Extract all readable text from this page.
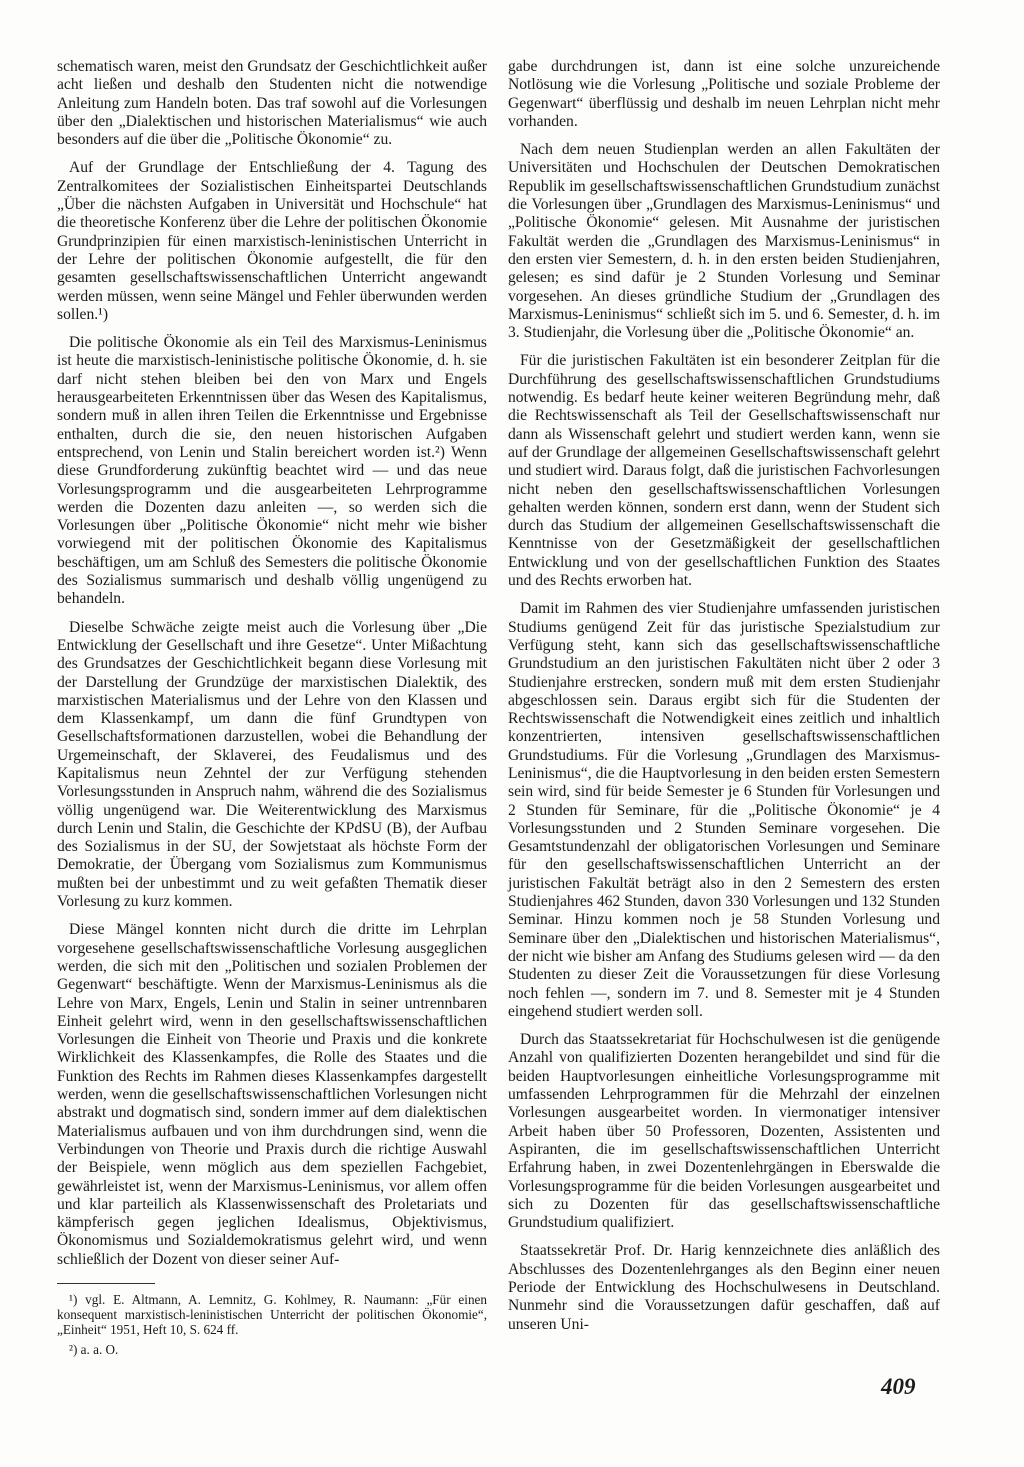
schematisch waren, meist den Grundsatz der Geschichtlichkeit außer acht ließen und deshalb den Studenten nicht die notwendige Anleitung zum Handeln boten. Das traf sowohl auf die Vorlesungen über den „Dialektischen und historischen Materialismus“ wie auch besonders auf die über die „Politische Ökonomie“ zu.

Auf der Grundlage der Entschließung der 4. Tagung des Zentralkomitees der Sozialistischen Einheitspartei Deutschlands „Über die nächsten Aufgaben in Universität und Hochschule“ hat die theoretische Konferenz über die Lehre der politischen Ökonomie Grundprinzipien für einen marxistisch-leninistischen Unterricht in der Lehre der politischen Ökonomie aufgestellt, die für den gesamten gesellschaftswissenschaftlichen Unterricht angewandt werden müssen, wenn seine Mängel und Fehler überwunden werden sollen.¹)

Die politische Ökonomie als ein Teil des Marxismus-Leninismus ist heute die marxistisch-leninistische politische Ökonomie, d. h. sie darf nicht stehen bleiben bei den von Marx und Engels herausgearbeiteten Erkenntnissen über das Wesen des Kapitalismus, sondern muß in allen ihren Teilen die Erkenntnisse und Ergebnisse enthalten, durch die sie, den neuen historischen Aufgaben entsprechend, von Lenin und Stalin bereichert worden ist.²) Wenn diese Grundforderung zukünftig beachtet wird — und das neue Vorlesungsprogramm und die ausgearbeiteten Lehrprogramme werden die Dozenten dazu anleiten —, so werden sich die Vorlesungen über „Politische Ökonomie“ nicht mehr wie bisher vorwiegend mit der politischen Ökonomie des Kapitalismus beschäftigen, um am Schluß des Semesters die politische Ökonomie des Sozialismus summarisch und deshalb völlig ungenügend zu behandeln.

Dieselbe Schwäche zeigte meist auch die Vorlesung über „Die Entwicklung der Gesellschaft und ihre Gesetze“. Unter Mißachtung des Grundsatzes der Geschichtlichkeit begann diese Vorlesung mit der Darstellung der Grundzüge der marxistischen Dialektik, des marxistischen Materialismus und der Lehre von den Klassen und dem Klassenkampf, um dann die fünf Grundtypen von Gesellschaftsformationen darzustellen, wobei die Behandlung der Urgemeinschaft, der Sklaverei, des Feudalismus und des Kapitalismus neun Zehntel der zur Verfügung stehenden Vorlesungsstunden in Anspruch nahm, während die des Sozialismus völlig ungenügend war. Die Weiterentwicklung des Marxismus durch Lenin und Stalin, die Geschichte der KPdSU (B), der Aufbau des Sozialismus in der SU, der Sowjetstaat als höchste Form der Demokratie, der Übergang vom Sozialismus zum Kommunismus mußten bei der unbestimmt und zu weit gefaßten Thematik dieser Vorlesung zu kurz kommen.

Diese Mängel konnten nicht durch die dritte im Lehrplan vorgesehene gesellschaftswissenschaftliche Vorlesung ausgeglichen werden, die sich mit den „Politischen und sozialen Problemen der Gegenwart“ beschäftigte. Wenn der Marxismus-Leninismus als die Lehre von Marx, Engels, Lenin und Stalin in seiner untrennbaren Einheit gelehrt wird, wenn in den gesellschaftswissenschaftlichen Vorlesungen die Einheit von Theorie und Praxis und die konkrete Wirklichkeit des Klassenkampfes, die Rolle des Staates und die Funktion des Rechts im Rahmen dieses Klassenkampfes dargestellt werden, wenn die gesellschaftswissenschaftlichen Vorlesungen nicht abstrakt und dogmatisch sind, sondern immer auf dem dialektischen Materialismus aufbauen und von ihm durchdrungen sind, wenn die Verbindungen von Theorie und Praxis durch die richtige Auswahl der Beispiele, wenn möglich aus dem speziellen Fachgebiet, gewährleistet ist, wenn der Marxismus-Leninismus, vor allem offen und klar parteilich als Klassenwissenschaft des Proletariats und kämpferisch gegen jeglichen Idealismus, Objektivismus, Ökonomismus und Sozialdemokratismus gelehrt wird, und wenn schließlich der Dozent von dieser seiner Auf-

¹) vgl. E. Altmann, A. Lemnitz, G. Kohlmey, R. Naumann: „Für einen konsequent marxistisch-leninistischen Unterricht der politischen Ökonomie“, „Einheit“ 1951, Heft 10, S. 624 ff.
²) a. a. O.

gabe durchdrungen ist, dann ist eine solche unzureichende Notlösung wie die Vorlesung „Politische und soziale Probleme der Gegenwart“ überflüssig und deshalb im neuen Lehrplan nicht mehr vorhanden.

Nach dem neuen Studienplan werden an allen Fakultäten der Universitäten und Hochschulen der Deutschen Demokratischen Republik im gesellschaftswissenschaftlichen Grundstudium zunächst die Vorlesungen über „Grundlagen des Marxismus-Leninismus“ und „Politische Ökonomie“ gelesen. Mit Ausnahme der juristischen Fakultät werden die „Grundlagen des Marxismus-Leninismus“ in den ersten vier Semestern, d. h. in den ersten beiden Studienjahren, gelesen; es sind dafür je 2 Stunden Vorlesung und Seminar vorgesehen. An dieses gründliche Studium der „Grundlagen des Marxismus-Leninismus“ schließt sich im 5. und 6. Semester, d. h. im 3. Studienjahr, die Vorlesung über die „Politische Ökonomie“ an.

Für die juristischen Fakultäten ist ein besonderer Zeitplan für die Durchführung des gesellschaftswissenschaftlichen Grundstudiums notwendig. Es bedarf heute keiner weiteren Begründung mehr, daß die Rechtswissenschaft als Teil der Gesellschaftswissenschaft nur dann als Wissenschaft gelehrt und studiert werden kann, wenn sie auf der Grundlage der allgemeinen Gesellschaftswissenschaft gelehrt und studiert wird. Daraus folgt, daß die juristischen Fachvorlesungen nicht neben den gesellschaftswissenschaftlichen Vorlesungen gehalten werden können, sondern erst dann, wenn der Student sich durch das Studium der allgemeinen Gesellschaftswissenschaft die Kenntnisse von der Gesetzmäßigkeit der gesellschaftlichen Entwicklung und von der gesellschaftlichen Funktion des Staates und des Rechts erworben hat.

Damit im Rahmen des vier Studienjahre umfassenden juristischen Studiums genügend Zeit für das juristische Spezialstudium zur Verfügung steht, kann sich das gesellschaftswissenschaftliche Grundstudium an den juristischen Fakultäten nicht über 2 oder 3 Studienjahre erstrecken, sondern muß mit dem ersten Studienjahr abgeschlossen sein. Daraus ergibt sich für die Studenten der Rechtswissenschaft die Notwendigkeit eines zeitlich und inhaltlich konzentrierten, intensiven gesellschaftswissenschaftlichen Grundstudiums. Für die Vorlesung „Grundlagen des Marxismus-Leninismus“, die die Hauptvorlesung in den beiden ersten Semestern sein wird, sind für beide Semester je 6 Stunden für Vorlesungen und 2 Stunden für Seminare, für die „Politische Ökonomie“ je 4 Vorlesungsstunden und 2 Stunden Seminare vorgesehen. Die Gesamtstundenzahl der obligatorischen Vorlesungen und Seminare für den gesellschaftswissenschaftlichen Unterricht an der juristischen Fakultät beträgt also in den 2 Semestern des ersten Studienjahres 462 Stunden, davon 330 Vorlesungen und 132 Stunden Seminar. Hinzu kommen noch je 58 Stunden Vorlesung und Seminare über den „Dialektischen und historischen Materialismus“, der nicht wie bisher am Anfang des Studiums gelesen wird — da den Studenten zu dieser Zeit die Voraussetzungen für diese Vorlesung noch fehlen —, sondern im 7. und 8. Semester mit je 4 Stunden eingehend studiert werden soll.

Durch das Staatssekretariat für Hochschulwesen ist die genügende Anzahl von qualifizierten Dozenten herangebildet und sind für die beiden Hauptvorlesungen einheitliche Vorlesungsprogramme mit umfassenden Lehrprogrammen für die Mehrzahl der einzelnen Vorlesungen ausgearbeitet worden. In viermonatiger intensiver Arbeit haben über 50 Professoren, Dozenten, Assistenten und Aspiranten, die im gesellschaftswissenschaftlichen Unterricht Erfahrung haben, in zwei Dozentenlehrgängen in Eberswalde die Vorlesungsprogramme für die beiden Vorlesungen ausgearbeitet und sich zu Dozenten für das gesellschaftswissenschaftliche Grundstudium qualifiziert.

Staatssekretär Prof. Dr. Harig kennzeichnete dies anläßlich des Abschlusses des Dozentenlehrganges als den Beginn einer neuen Periode der Entwicklung des Hochschulwesens in Deutschland. Nunmehr sind die Voraussetzungen dafür geschaffen, daß auf unseren Uni-

409
